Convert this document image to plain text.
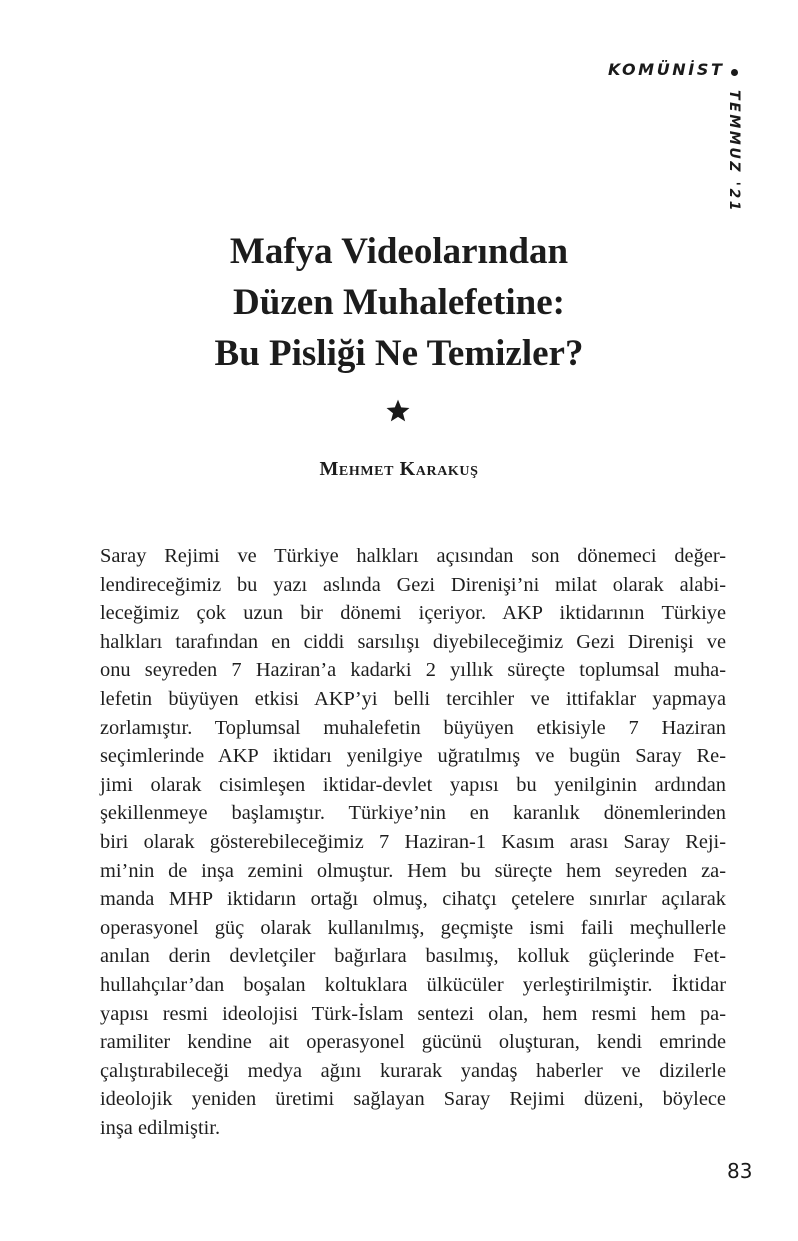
KOMÜNİST
TEMMUZ '21
Mafya Videolarından
Düzen Muhalefetine:
Bu Pisliği Ne Temizler?
Mehmet Karakuş
Saray Rejimi ve Türkiye halkları açısından son dönemeci değer-
lendireceğimiz bu yazı aslında Gezi Direnişi’ni milat olarak alabi-
leceğimiz çok uzun bir dönemi içeriyor. AKP iktidarının Türkiye
halkları tarafından en ciddi sarsılışı diyebileceğimiz Gezi Direnişi ve
onu seyreden 7 Haziran’a kadarki 2 yıllık süreçte toplumsal muha-
lefetin büyüyen etkisi AKP’yi belli tercihler ve ittifaklar yapmaya
zorlamıştır. Toplumsal muhalefetin büyüyen etkisiyle 7 Haziran
seçimlerinde AKP iktidarı yenilgiye uğratılmış ve bugün Saray Re-
jimi olarak cisimleşen iktidar-devlet yapısı bu yenilginin ardından
şekillenmeye başlamıştır. Türkiye’nin en karanlık dönemlerinden
biri olarak gösterebileceğimiz 7 Haziran-1 Kasım arası Saray Reji-
mi’nin de inşa zemini olmuştur. Hem bu süreçte hem seyreden za-
manda MHP iktidarın ortağı olmuş, cihatçı çetelere sınırlar açılarak
operasyonel güç olarak kullanılmış, geçmişte ismi faili meçhullerle
anılan derin devletçiler bağırlara basılmış, kolluk güçlerinde Fet-
hullahçılar’dan boşalan koltuklara ülkücüler yerleştirilmiştir. İktidar
yapısı resmi ideolojisi Türk-İslam sentezi olan, hem resmi hem pa-
ramiliter kendine ait operasyonel gücünü oluşturan, kendi emrinde
çalıştırabileceği medya ağını kurarak yandaş haberler ve dizilerle
ideolojik yeniden üretimi sağlayan Saray Rejimi düzeni, böylece
inşa edilmiştir.
83
